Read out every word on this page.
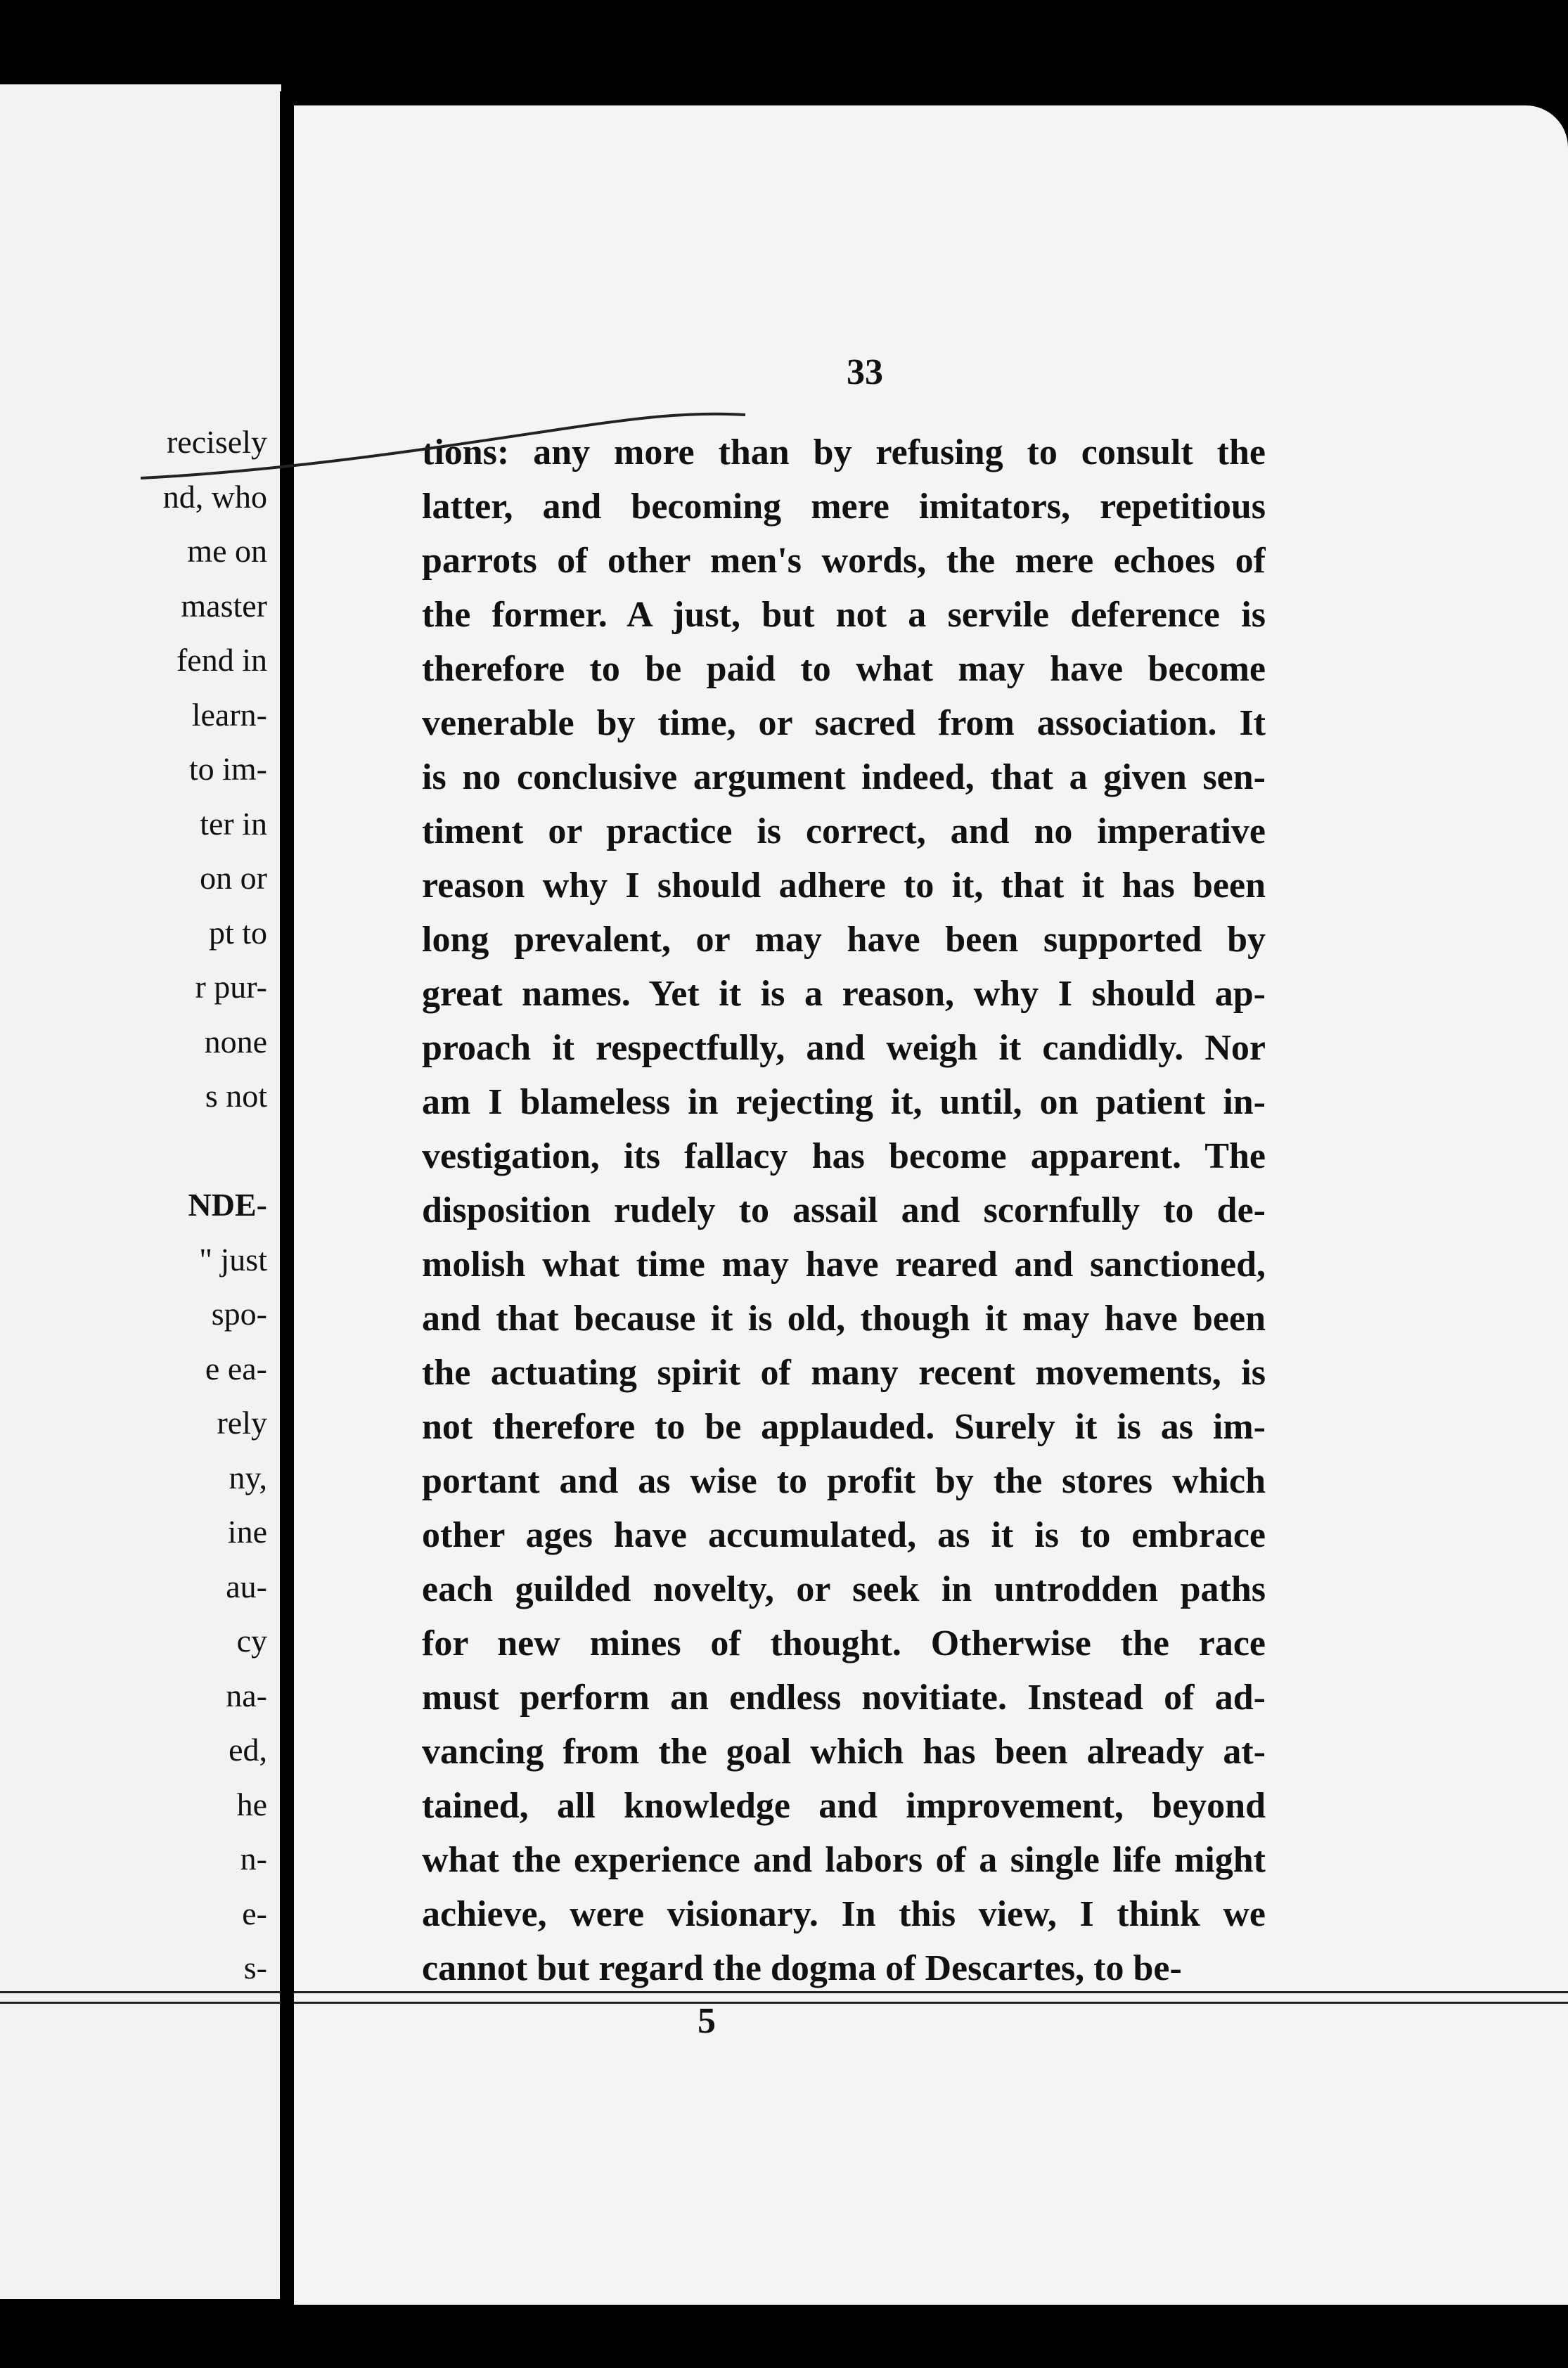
recisely
nd, who
me on
master
fend in
learn-
to im-
ter in
on or
pt to
r pur-
none
s not
NDE-
" just
spo-
e ea-
rely
ny,
ine
au-
cy
na-
ed,
he
n-
e-
s-
33
tions: any more than by refusing to consult the
latter, and becoming mere imitators, repetitious
parrots of other men's words, the mere echoes of
the former. A just, but not a servile deference is
therefore to be paid to what may have become
venerable by time, or sacred from association. It
is no conclusive argument indeed, that a given sen-
timent or practice is correct, and no imperative
reason why I should adhere to it, that it has been
long prevalent, or may have been supported by
great names. Yet it is a reason, why I should ap-
proach it respectfully, and weigh it candidly. Nor
am I blameless in rejecting it, until, on patient in-
vestigation, its fallacy has become apparent. The
disposition rudely to assail and scornfully to de-
molish what time may have reared and sanctioned,
and that because it is old, though it may have been
the actuating spirit of many recent movements, is
not therefore to be applauded. Surely it is as im-
portant and as wise to profit by the stores which
other ages have accumulated, as it is to embrace
each guilded novelty, or seek in untrodden paths
for new mines of thought. Otherwise the race
must perform an endless novitiate. Instead of ad-
vancing from the goal which has been already at-
tained, all knowledge and improvement, beyond
what the experience and labors of a single life might
achieve, were visionary. In this view, I think we
cannot but regard the dogma of Descartes, to be-
5
